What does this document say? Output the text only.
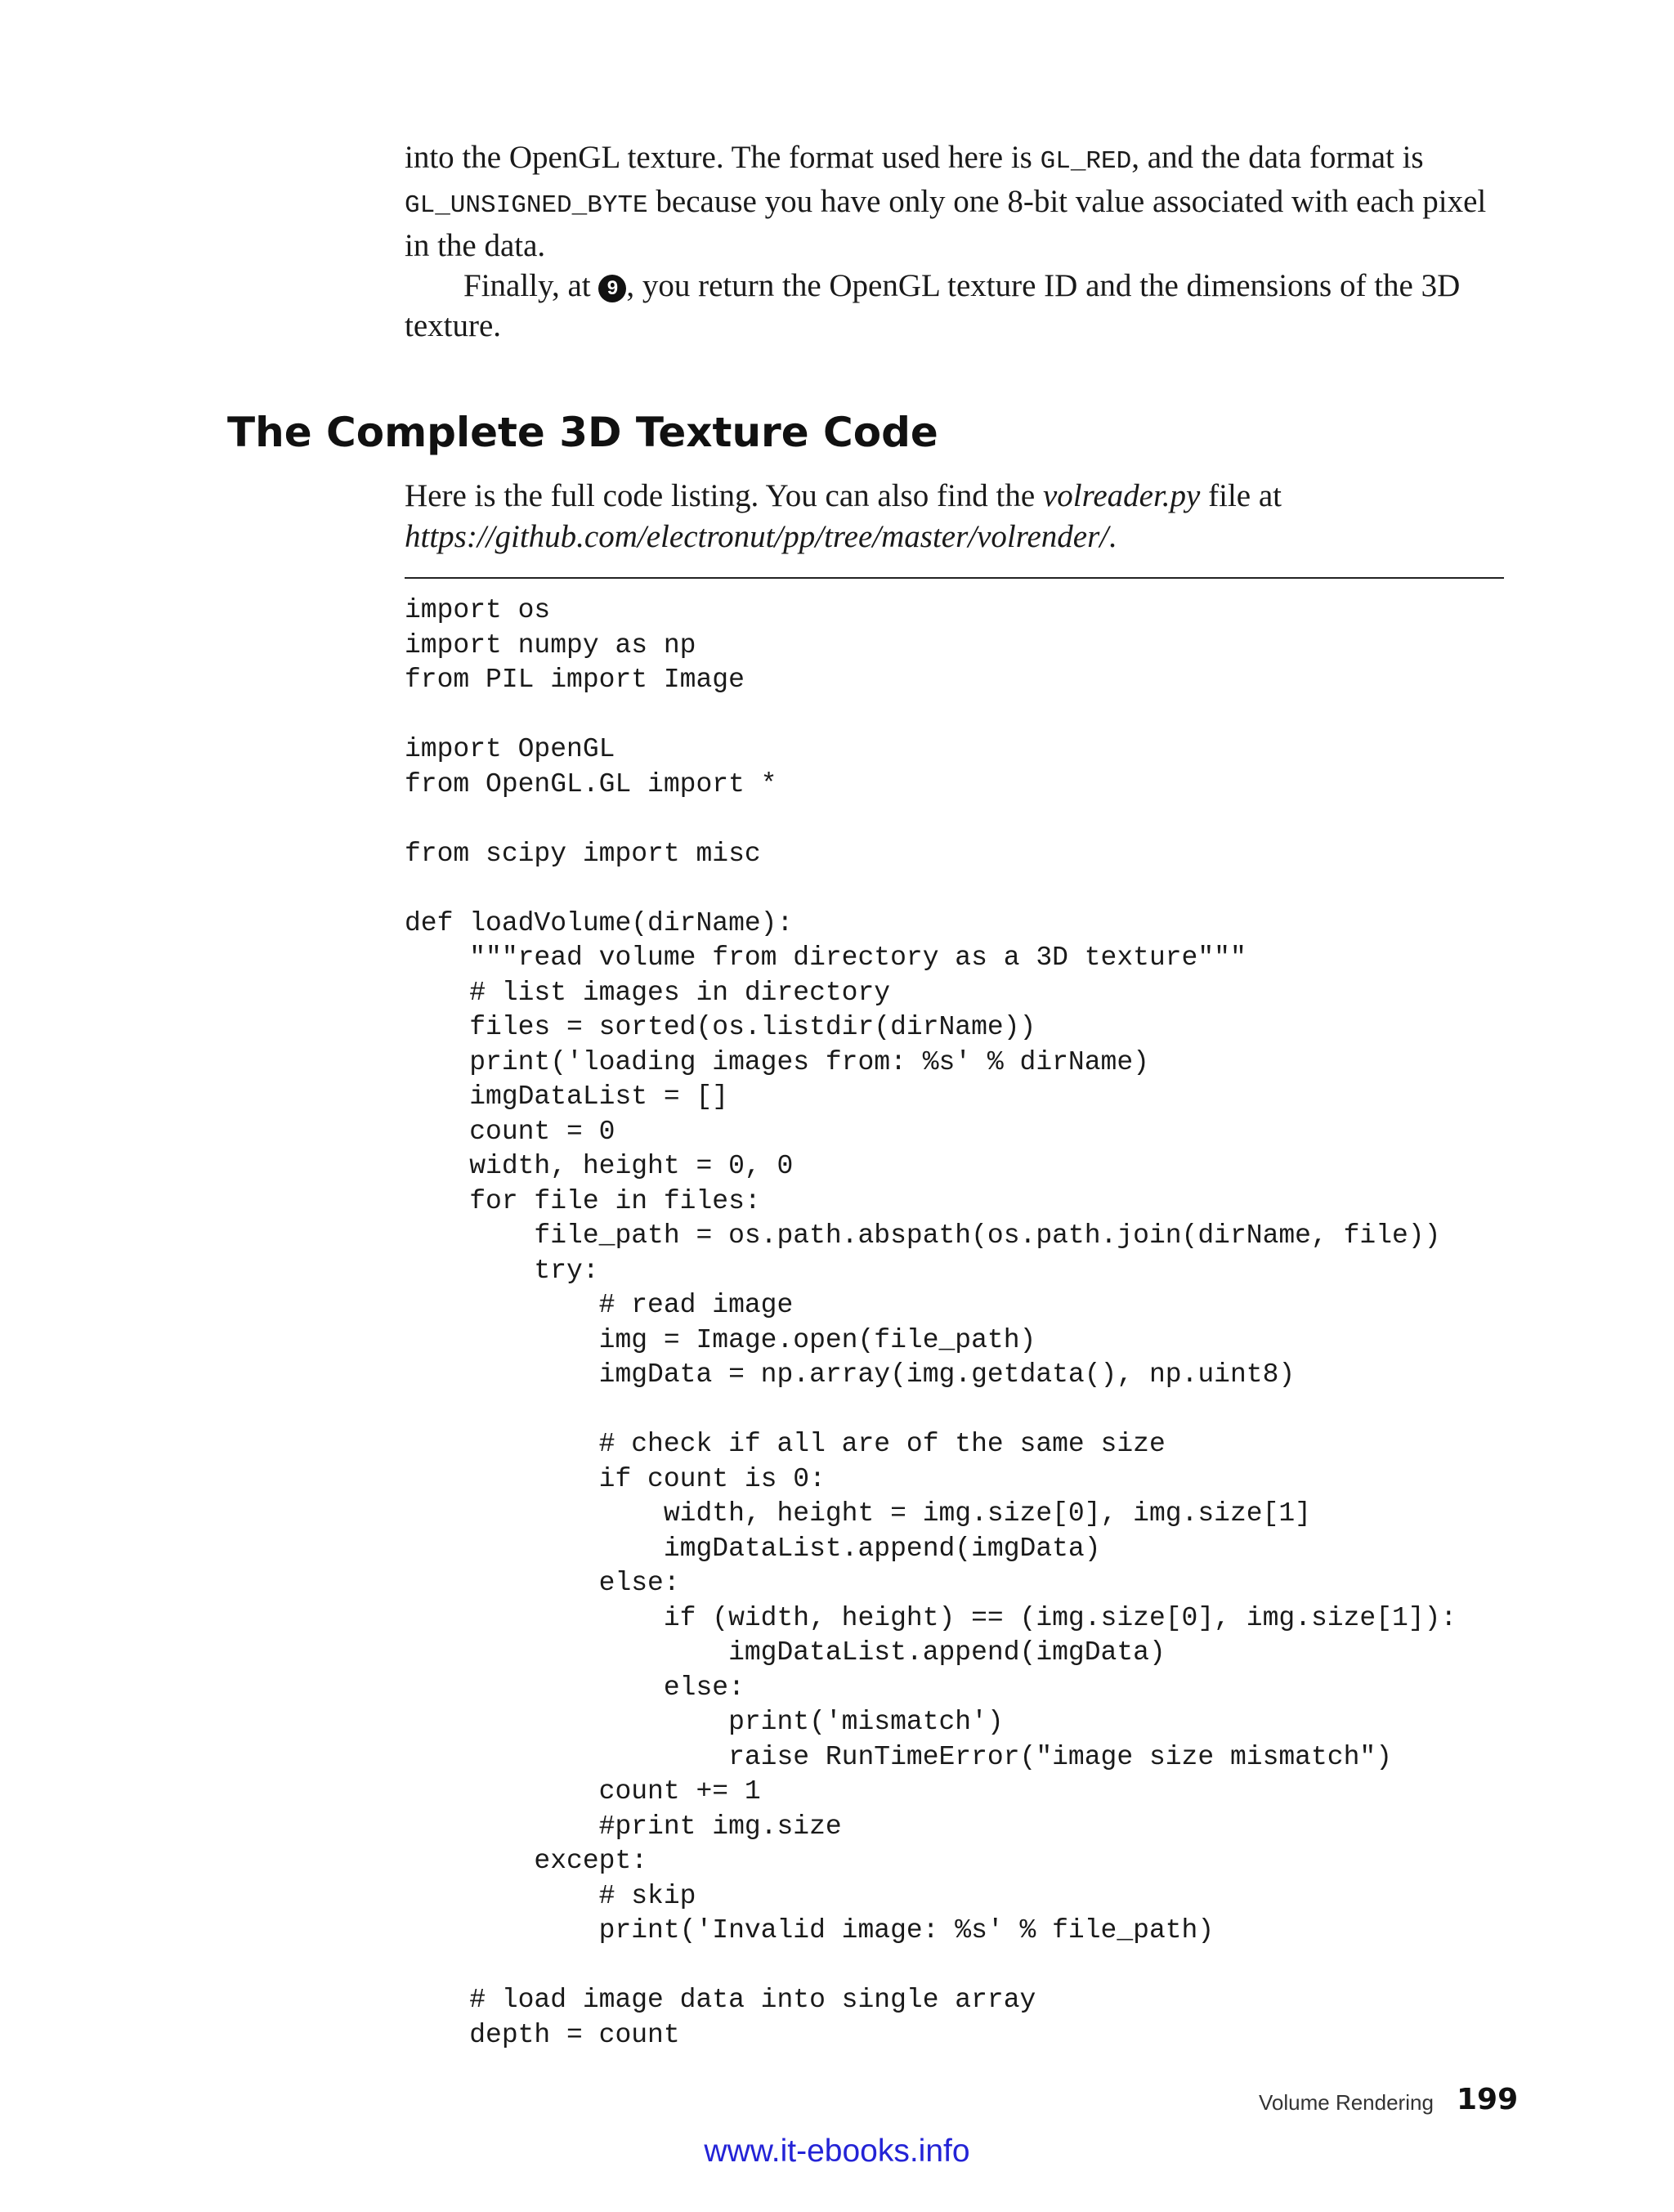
into the OpenGL texture. The format used here is GL_RED, and the data format is GL_UNSIGNED_BYTE because you have only one 8-bit value associated with each pixel in the data.

Finally, at 9 , you return the OpenGL texture ID and the dimensions of the 3D texture.

The Complete 3D Texture Code

Here is the full code listing. You can also find the volreader.py file at https://github.com/electronut/pp/tree/master/volrender/.

import os
import numpy as np
from PIL import Image

import OpenGL
from OpenGL.GL import *

from scipy import misc

def loadVolume(dirName):
"""read volume from directory as a 3D texture"""
# list images in directory
files = sorted(os.listdir(dirName))
print('loading images from: %s' % dirName)
imgDataList = []
count = 0
width, height = 0, 0
for file in files:
file_path = os.path.abspath(os.path.join(dirName, file))
try:
# read image
img = Image.open(file_path)
imgData = np.array(img.getdata(), np.uint8)

# check if all are of the same size
if count is 0:
width, height = img.size[0], img.size[1]
imgDataList.append(imgData)
else:
if (width, height) == (img.size[0], img.size[1]):
imgDataList.append(imgData)
else:
print('mismatch')
raise RunTimeError("image size mismatch")
count += 1
#print img.size
except:
# skip
print('Invalid image: %s' % file_path)

# load image data into single array
depth = count
Volume Rendering 199
www.it-ebooks.info
